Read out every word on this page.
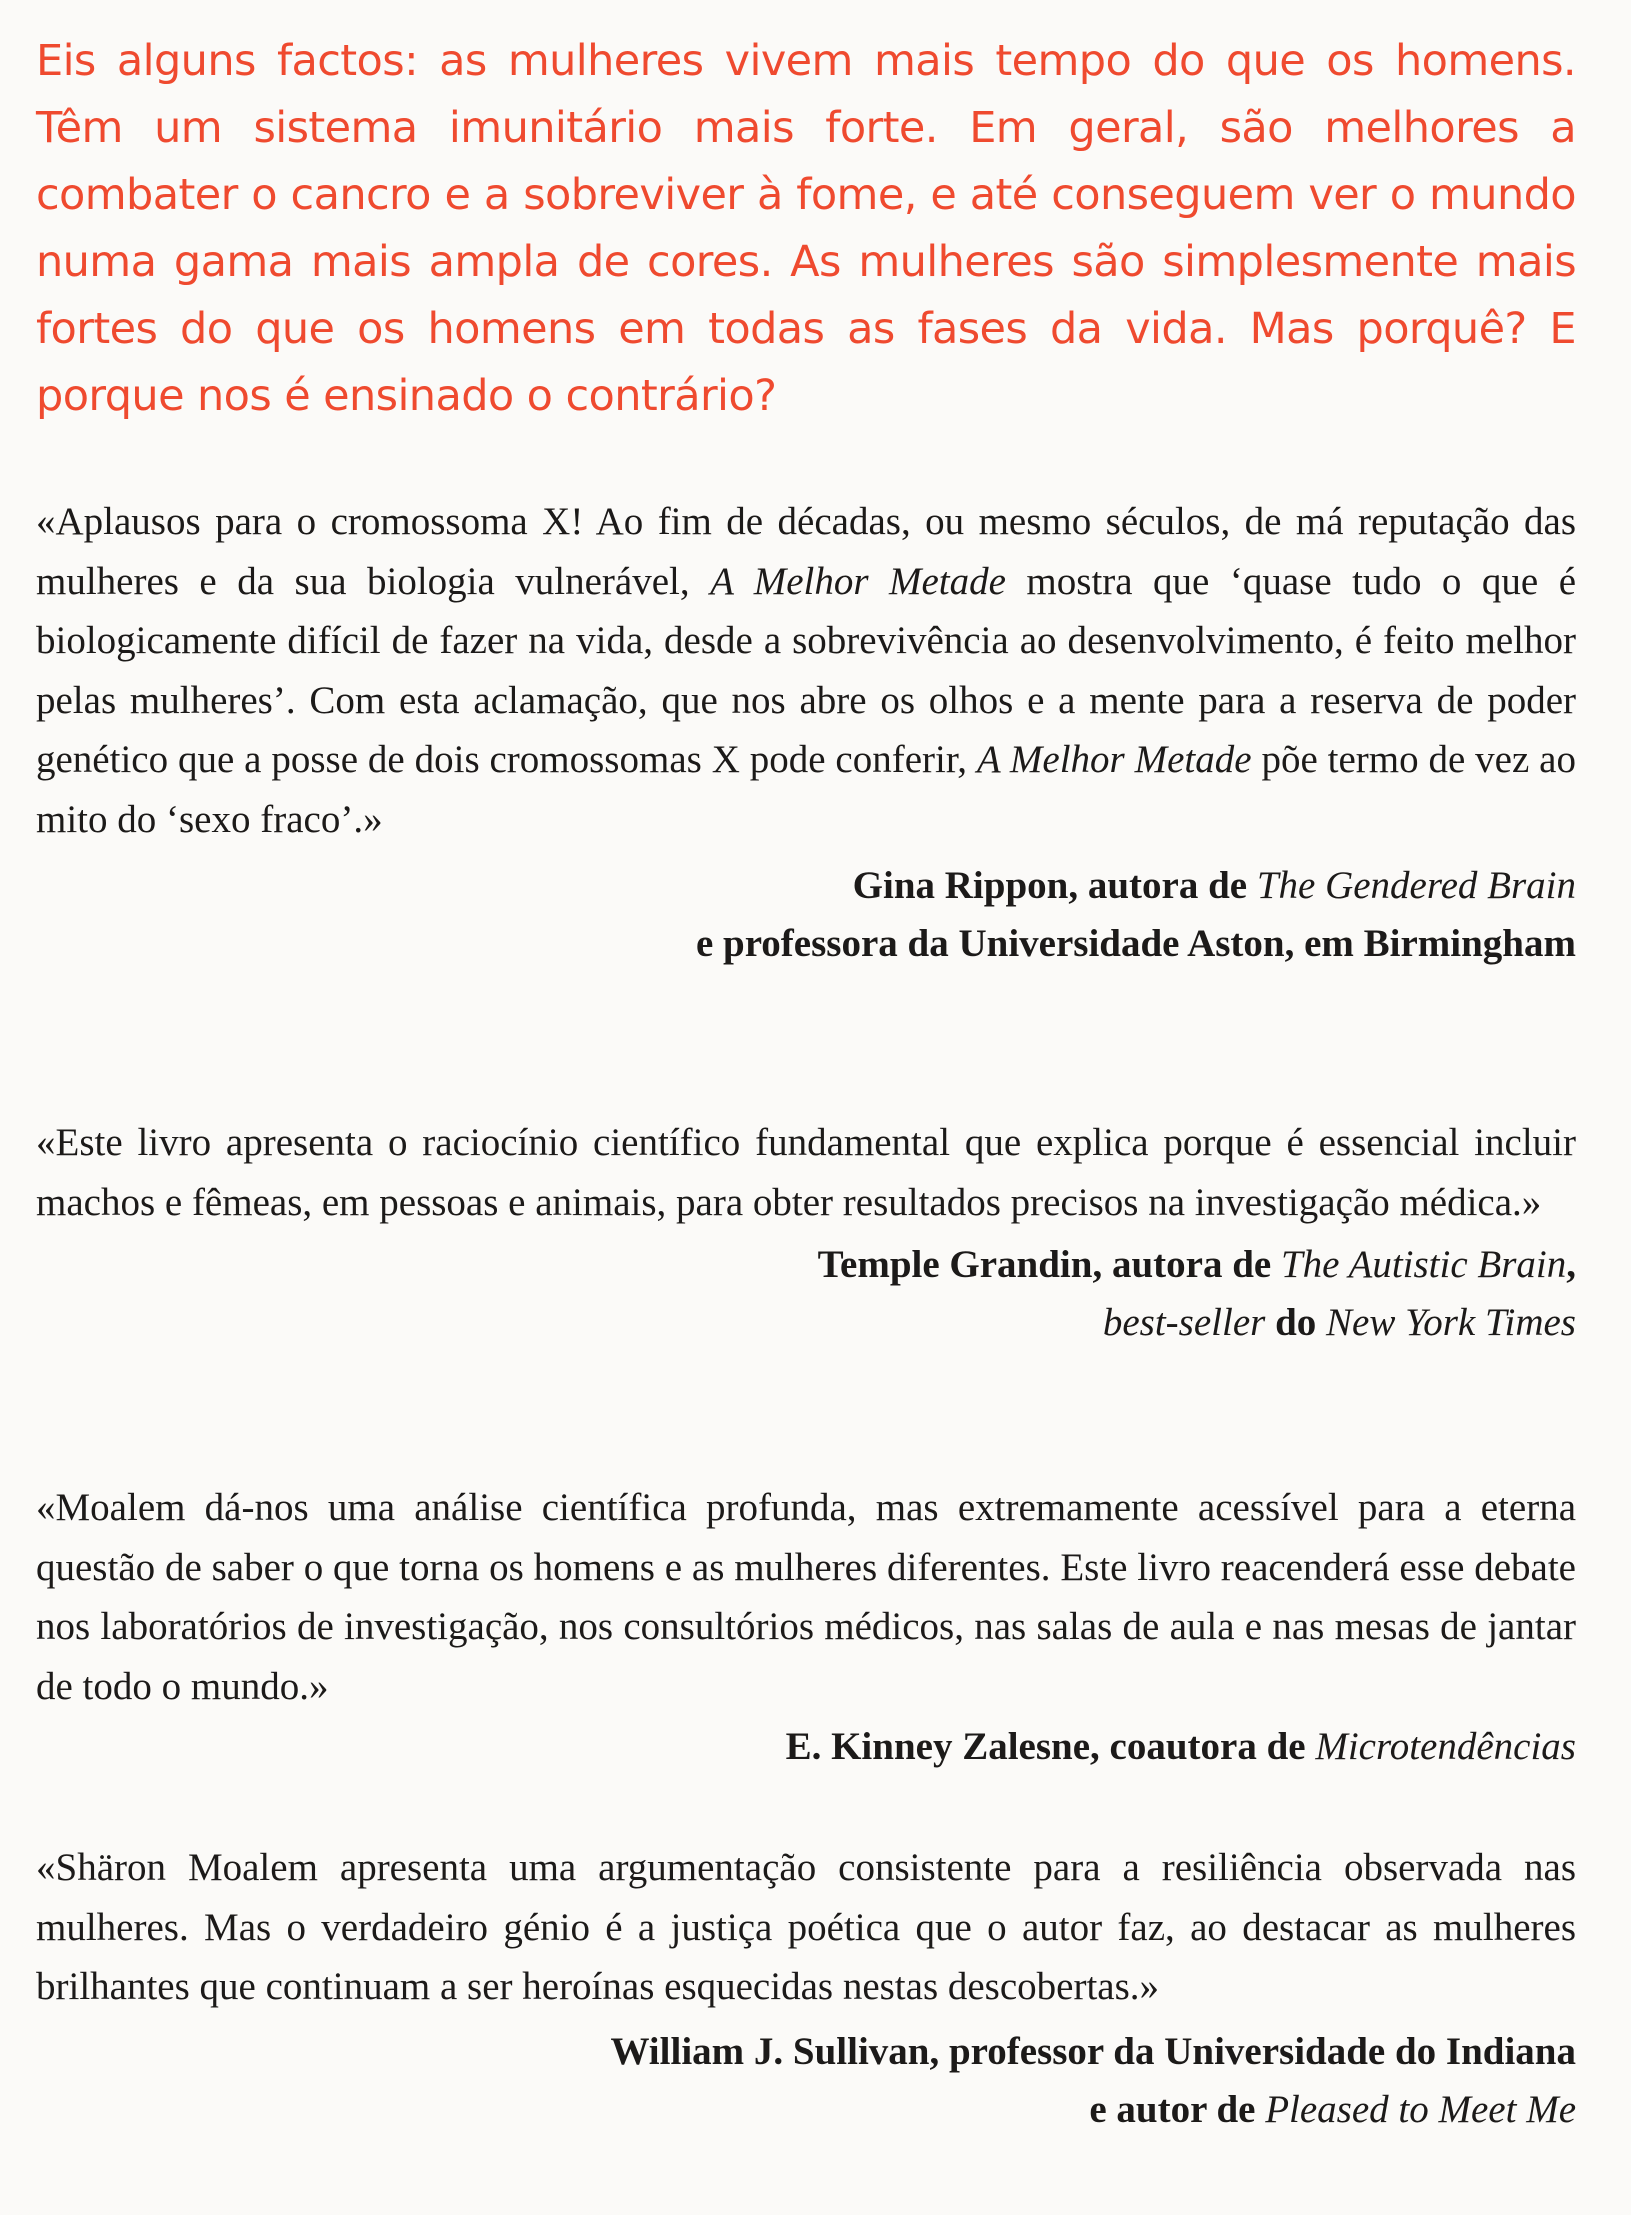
Eis alguns factos: as mulheres vivem mais tempo do que os homens. Têm um sistema imunitário mais forte. Em geral, são melhores a combater o cancro e a sobreviver à fome, e até conseguem ver o mundo numa gama mais ampla de cores. As mulheres são simplesmente mais fortes do que os homens em todas as fases da vida. Mas porquê? E porque nos é ensinado o contrário?

«Aplausos para o cromossoma X! Ao fim de décadas, ou mesmo séculos, de má reputação das mulheres e da sua biologia vulnerável, A Melhor Metade mostra que ‘quase tudo o que é biologicamente difícil de fazer na vida, desde a sobrevivência ao desenvolvimento, é feito melhor pelas mulheres’. Com esta aclamação, que nos abre os olhos e a mente para a reserva de poder genético que a posse de dois cromossomas X pode conferir, A Melhor Metade põe termo de vez ao mito do ‘sexo fraco’.»

Gina Rippon, autora de The Gendered Brain

e professora da Universidade Aston, em Birmingham

«Este livro apresenta o raciocínio científico fundamental que explica porque é essencial incluir machos e fêmeas, em pessoas e animais, para obter resultados precisos na investigação médica.»

Temple Grandin, autora de The Autistic Brain,

best-seller do New York Times

«Moalem dá-nos uma análise científica profunda, mas extremamente acessível para a eterna questão de saber o que torna os homens e as mulheres diferentes. Este livro reacenderá esse debate nos laboratórios de investigação, nos consultórios médicos, nas salas de aula e nas mesas de jantar de todo o mundo.»

E. Kinney Zalesne, coautora de Microtendências

«Shäron Moalem apresenta uma argumentação consistente para a resiliência observada nas mulheres. Mas o verdadeiro génio é a justiça poética que o autor faz, ao destacar as mulheres brilhantes que continuam a ser heroínas esquecidas nestas descobertas.»

William J. Sullivan, professor da Universidade do Indiana

e autor de Pleased to Meet Me
